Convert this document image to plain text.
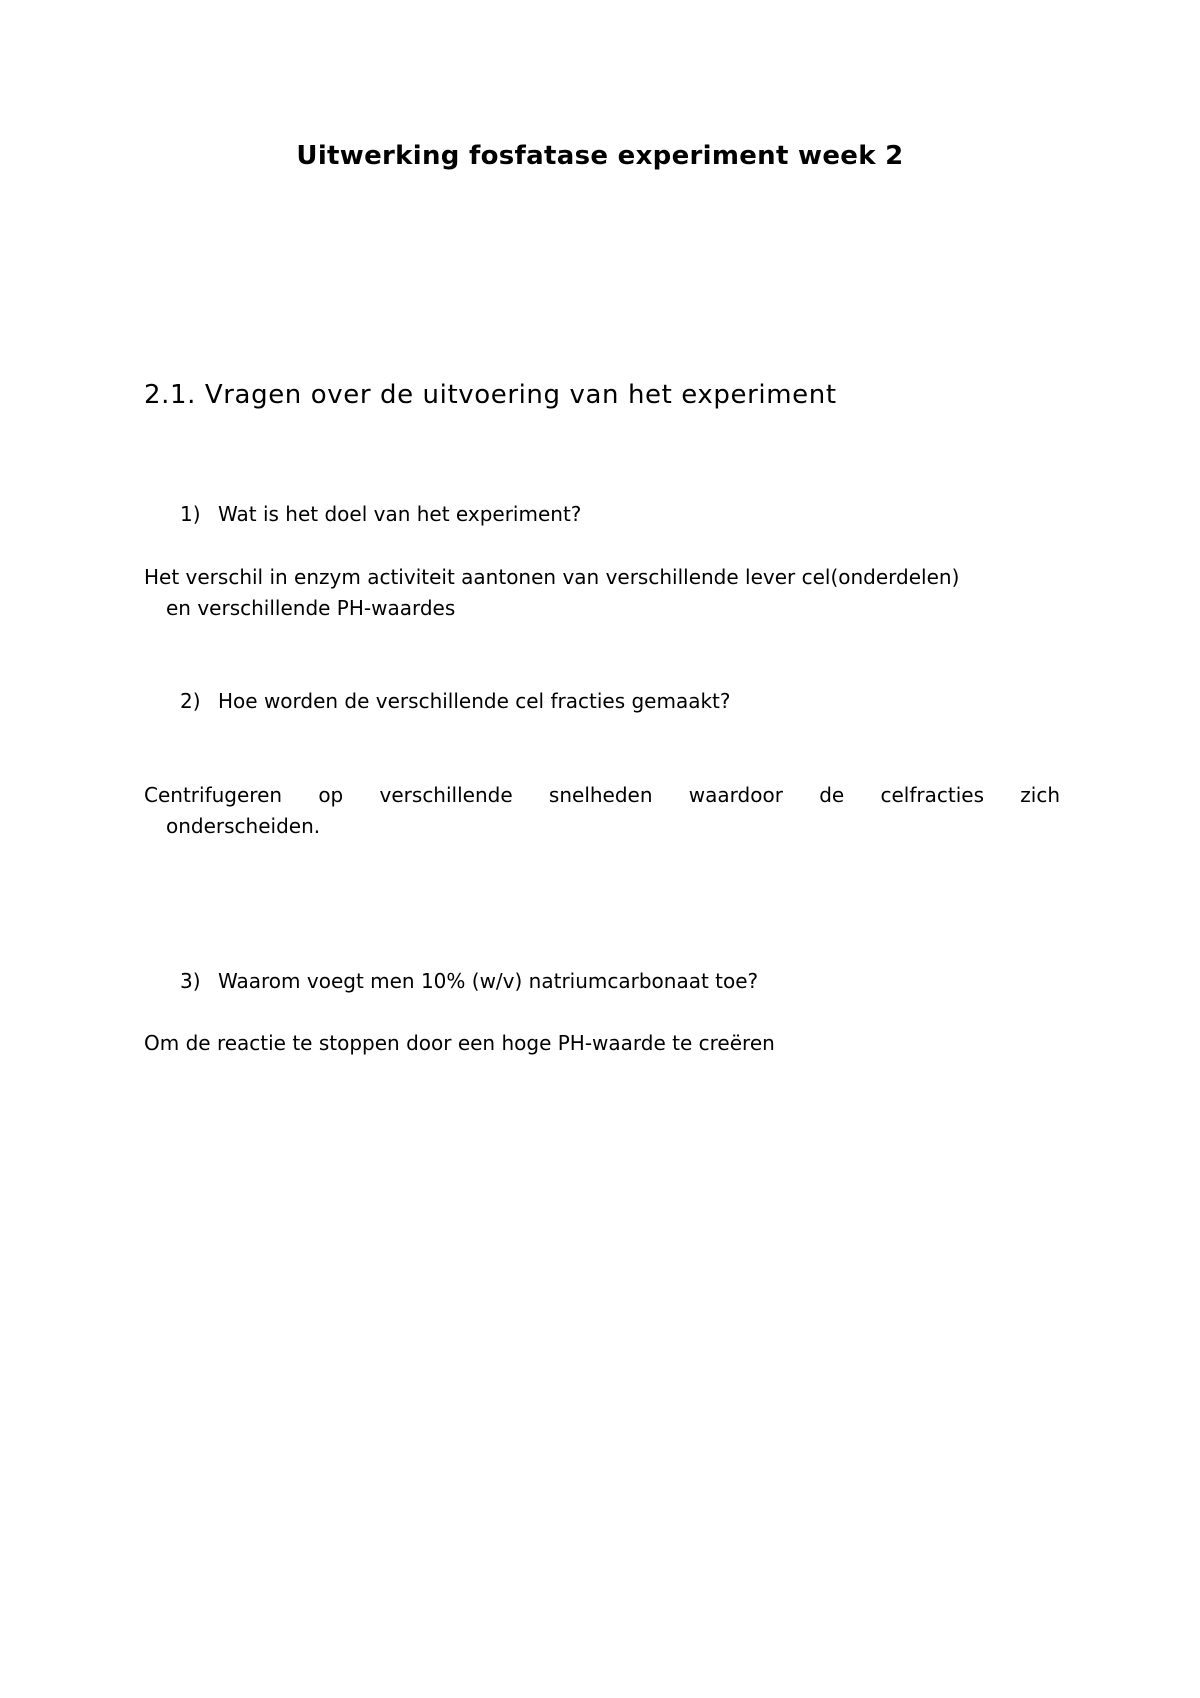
Uitwerking fosfatase experiment week 2
2.1. Vragen over de uitvoering van het experiment

1) Wat is het doel van het experiment?

Het verschil in enzym activiteit aantonen van verschillende lever cel(onderdelen)
en verschillende PH-waardes

2) Hoe worden de verschillende cel fracties gemaakt?

Centrifugeren op verschillende snelheden waardoor de celfracties zich
onderscheiden.

3) Waarom voegt men 10% (w/v) natriumcarbonaat toe?

Om de reactie te stoppen door een hoge PH-waarde te creëren
